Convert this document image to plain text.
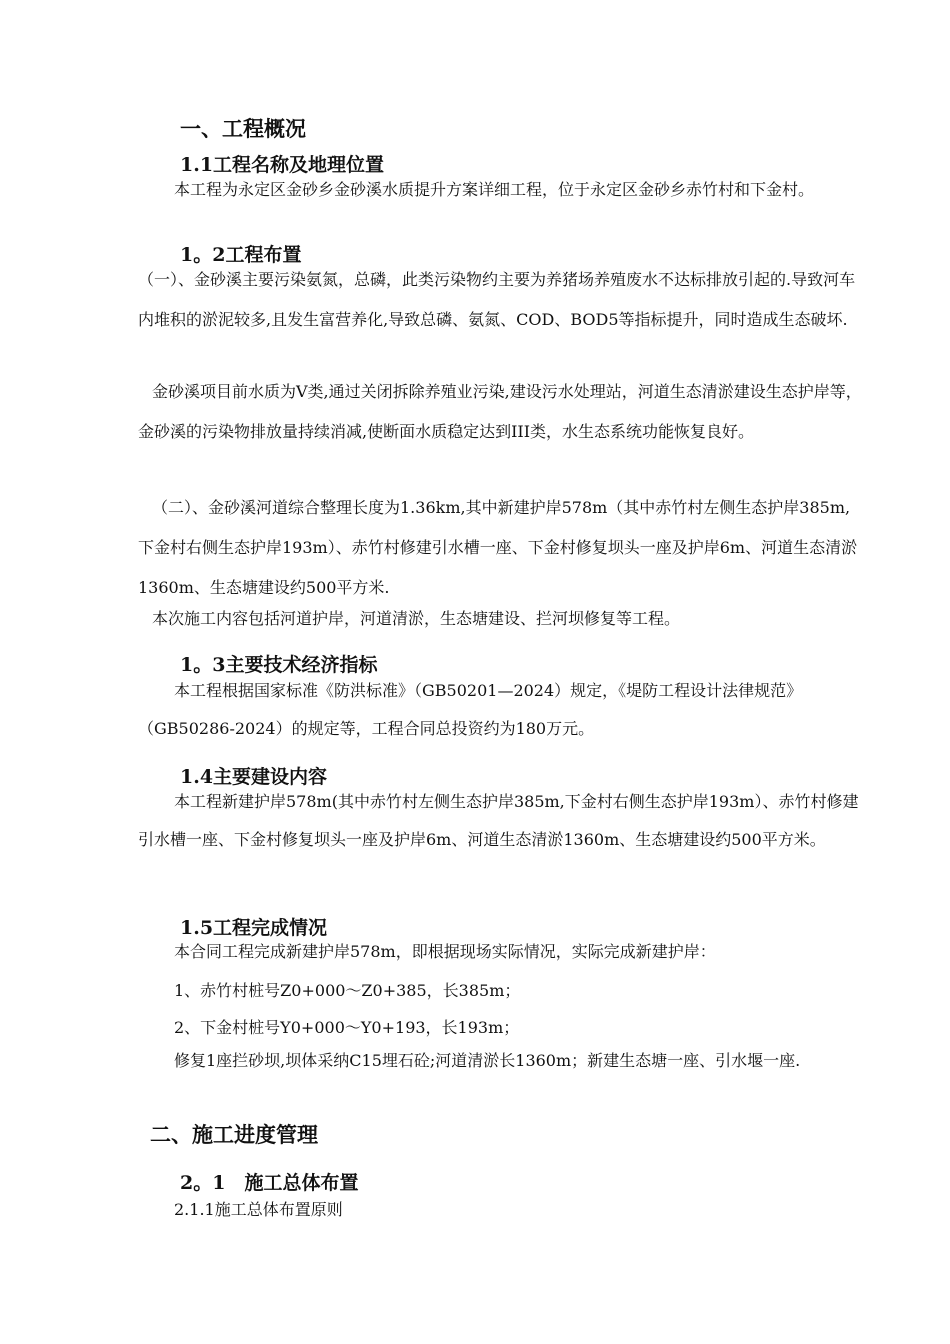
一、工程概况
1.1工程名称及地理位置

本工程为永定区金砂乡金砂溪水质提升方案详细工程，位于永定区金砂乡赤竹村和下金村。

1。2工程布置

（一）、金砂溪主要污染氨氮，总磷，此类污染物约主要为养猪场养殖废水不达标排放引起的.导致河车内堆积的淤泥较多,且发生富营养化,导致总磷、氨氮、COD、BOD5等指标提升，同时造成生态破坏.

金砂溪项目前水质为V类,通过关闭拆除养殖业污染,建设污水处理站，河道生态清淤建设生态护岸等，金砂溪的污染物排放量持续消减,使断面水质稳定达到III类，水生态系统功能恢复良好。

（二）、金砂溪河道综合整理长度为1.36km,其中新建护岸578m（其中赤竹村左侧生态护岸385m,下金村右侧生态护岸193m）、赤竹村修建引水槽一座、下金村修复坝头一座及护岸6m、河道生态清淤1360m、生态塘建设约500平方米.

本次施工内容包括河道护岸，河道清淤，生态塘建设、拦河坝修复等工程。

1。3主要技术经济指标

本工程根据国家标准《防洪标准》（GB50201—2024）规定，《堤防工程设计法律规范》（GB50286-2024）的规定等，工程合同总投资约为180万元。

1.4主要建设内容

本工程新建护岸578m(其中赤竹村左侧生态护岸385m,下金村右侧生态护岸193m）、赤竹村修建引水槽一座、下金村修复坝头一座及护岸6m、河道生态清淤1360m、生态塘建设约500平方米。

1.5工程完成情况

本合同工程完成新建护岸578m，即根据现场实际情况，实际完成新建护岸：

1、赤竹村桩号Z0+000～Z0+385，长385m；

2、下金村桩号Y0+000～Y0+193，长193m；

修复1座拦砂坝,坝体采纳C15埋石砼;河道清淤长1360m；新建生态塘一座、引水堰一座.

二、施工进度管理
2。1　施工总体布置

2.1.1施工总体布置原则
